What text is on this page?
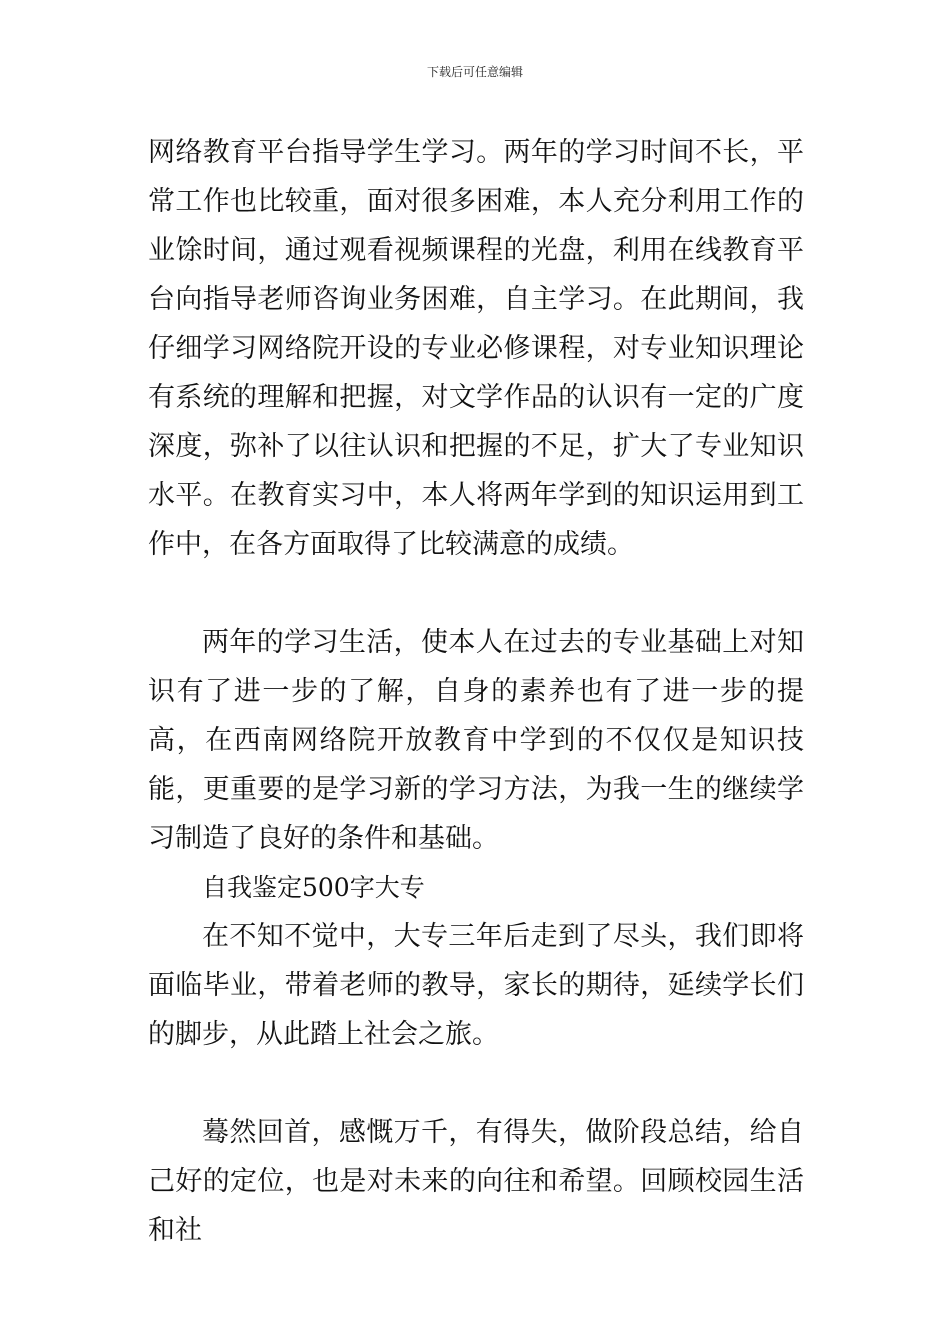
下载后可任意编辑

网络教育平台指导学生学习。两年的学习时间不长，平常工作也比较重，面对很多困难，本人充分利用工作的业馀时间，通过观看视频课程的光盘，利用在线教育平台向指导老师咨询业务困难，自主学习。在此期间，我仔细学习网络院开设的专业必修课程，对专业知识理论有系统的理解和把握，对文学作品的认识有一定的广度深度，弥补了以往认识和把握的不足，扩大了专业知识水平。在教育实习中，本人将两年学到的知识运用到工作中，在各方面取得了比较满意的成绩。

两年的学习生活，使本人在过去的专业基础上对知识有了进一步的了解，自身的素养也有了进一步的提高，在西南网络院开放教育中学到的不仅仅是知识技能，更重要的是学习新的学习方法，为我一生的继续学习制造了良好的条件和基础。

自我鉴定500字大专

在不知不觉中，大专三年后走到了尽头，我们即将面临毕业，带着老师的教导，家长的期待，延续学长们的脚步，从此踏上社会之旅。

蓦然回首，感慨万千，有得失，做阶段总结，给自己好的定位，也是对未来的向往和希望。回顾校园生活和社
